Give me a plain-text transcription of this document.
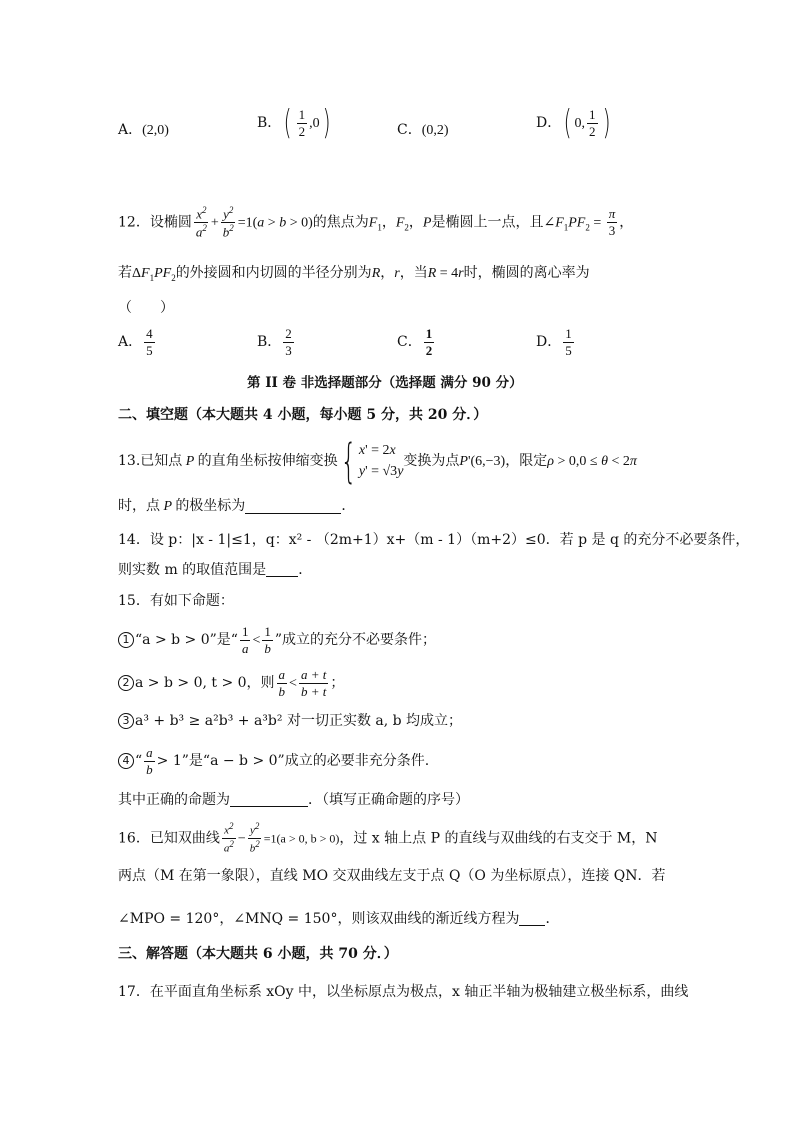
A．(2,0)	B．( $\frac{1}{2} ,0$)	C．(0,2)	D．( 0, $\frac{1}{2}$ )
12．设椭圆 $\frac{x^2}{a^2} + \frac{y^2}{b^2} =1(a > b > 0)$的焦点为$F_1$，$F_2$，P是椭圆上一点，且$\angle F_1PF_2 = \frac{\pi}{3}$ ，
若$\Delta F_1PF_2$的外接圆和内切圆的半径分别为R，r，当R = 4r时，椭圆的离心率为
（　　）
A． $\frac{4}{5}$	B． $\frac{2}{3}$	C． $\frac{1}{2}$	D． $\frac{1}{5}$
第 II 卷 非选择题部分（选择题 满分 90 分）
二、填空题（本大题共 4 小题，每小题 5 分，共 20 分．）
13.已知点 P 的直角坐标按伸缩变换{ x' = 2x
y' = √3y
变换为点P'(6,−3)，限定ρ > 0,0 ≤ θ < 2π
时，点 P 的极坐标为	．
14．设 p：|x - 1|≤1，q：x² - （2m+1）x+（m - 1）（m+2）≤0．若 p 是 q 的充分不必要条件，
则实数 m 的取值范围是 ．
15．有如下命题：
1 “a > b > 0”是“ $\frac{1}{a} < \frac{1}{b}$ ”成立的充分不必要条件；
2 a > b > 0, t > 0，则 $\frac{a}{b} < \frac{a + t}{b + t}$ ；
3 a³ + b³ ≥ a²b³ + a³b² 对一切正实数 a, b 均成立；
4 “ $\frac{a}{b} > 1$”是“a − b > 0”成立的必要非充分条件.
其中正确的命题为	．（填写正确命题的序号）
16．已知双曲线 $\frac{x^2}{a^2} - \frac{y^2}{b^2} =1(a > 0$, b > 0)，过 x 轴上点 P 的直线与双曲线的右支交于 M，N
两点（M 在第一象限），直线 MO 交双曲线左支于点 Q（O 为坐标原点），连接 QN．若
∠MPO = 120°，∠MNQ = 150°，则该双曲线的渐近线方程为 ．
三、解答题（本大题共 6 小题，共 70 分．）
17．在平面直角坐标系 xOy 中，以坐标原点为极点，x 轴正半轴为极轴建立极坐标系，曲线
